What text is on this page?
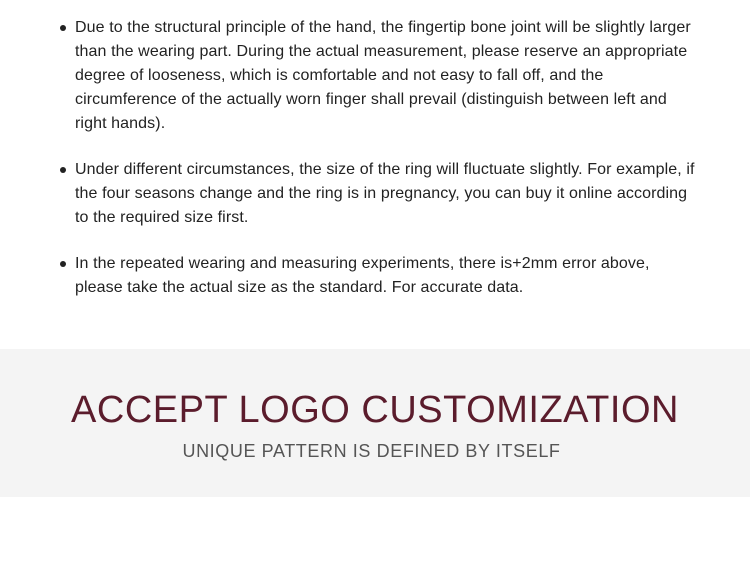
Due to the structural principle of the hand, the fingertip bone joint will be slightly larger than the wearing part. During the actual measurement, please reserve an appropriate degree of looseness, which is comfortable and not easy to fall off, and the circumference of the actually worn finger shall prevail (distinguish between left and right hands).
Under different circumstances, the size of the ring will fluctuate slightly. For example, if the four seasons change and the ring is in pregnancy, you can buy it online according to the required size first.
In the repeated wearing and measuring experiments, there is+2mm error above, please take the actual size as the standard. For accurate data.
ACCEPT LOGO CUSTOMIZATION
UNIQUE PATTERN IS DEFINED BY ITSELF
